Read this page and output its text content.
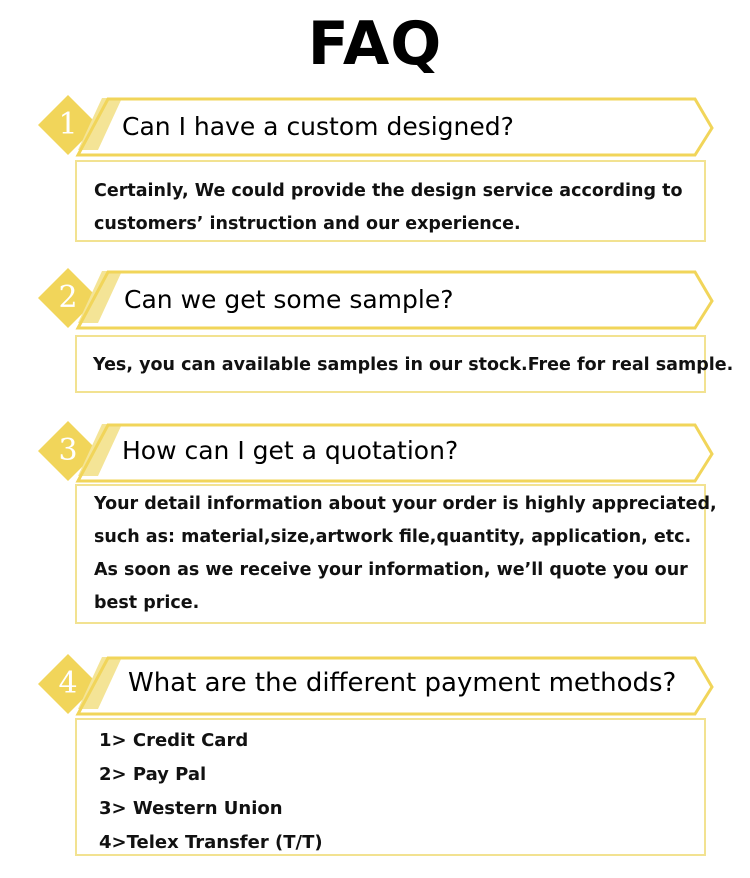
FAQ
1	Can I have a custom designed?
Certainly, We could provide the design service according to
customers’ instruction and our experience.
2	Can we get some sample?
Yes, you can available samples in our stock.Free for real sample.
3	How can I get a quotation?
Your detail information about your order is highly appreciated,
such as: material,size,artwork file,quantity, application, etc.
As soon as we receive your information, we’ll quote you our
best price.
4	What are the different payment methods?
1> Credit Card
2> Pay Pal
3> Western Union
4>Telex Transfer (T/T)
